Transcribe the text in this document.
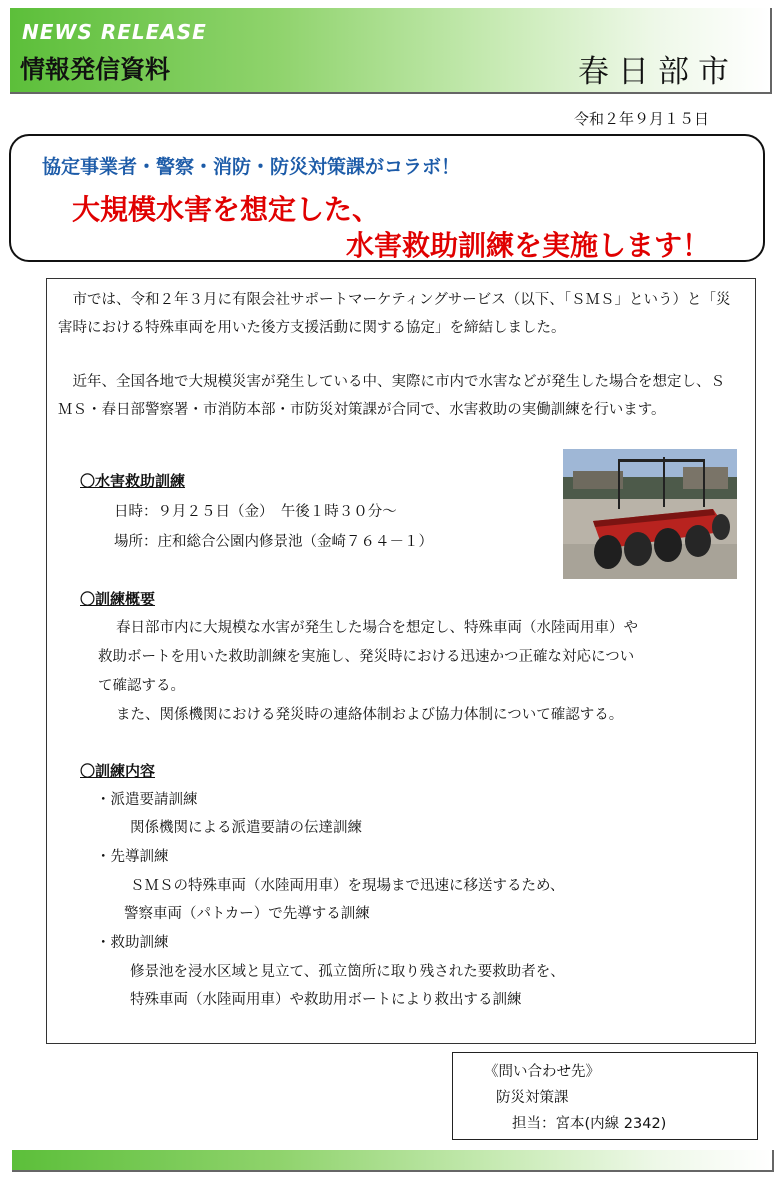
NEWS RELEASE
情報発信資料	春日部市
令和２年９月１５日
協定事業者・警察・消防・防災対策課がコラボ！
大規模水害を想定した、
水害救助訓練を実施します！
　市では、令和２年３月に有限会社サポートマーケティングサービス（以下、「ＳＭＳ」という）と「災害時における特殊車両を用いた後方支援活動に関する協定」を締結しました。
　近年、全国各地で大規模災害が発生している中、実際に市内で水害などが発生した場合を想定し、ＳＭＳ・春日部警察署・市消防本部・市防災対策課が合同で、水害救助の実働訓練を行います。
〇水害救助訓練
日時：９月２５日（金）　午後１時３０分～
場所：庄和総合公園内修景池（金崎７６４－１）
〇訓練概要
春日部市内に大規模な水害が発生した場合を想定し、特殊車両（水陸両用車）や
救助ボートを用いた救助訓練を実施し、発災時における迅速かつ正確な対応につい
て確認する。
また、関係機関における発災時の連絡体制および協力体制について確認する。
〇訓練内容
・派遣要請訓練
関係機関による派遣要請の伝達訓練
・先導訓練
ＳＭＳの特殊車両（水陸両用車）を現場まで迅速に移送するため、
警察車両（パトカー）で先導する訓練
・救助訓練
修景池を浸水区域と見立て、孤立箇所に取り残された要救助者を、
特殊車両（水陸両用車）や救助用ボートにより救出する訓練
《問い合わせ先》
防災対策課
担当：宮本(内線 2342)
